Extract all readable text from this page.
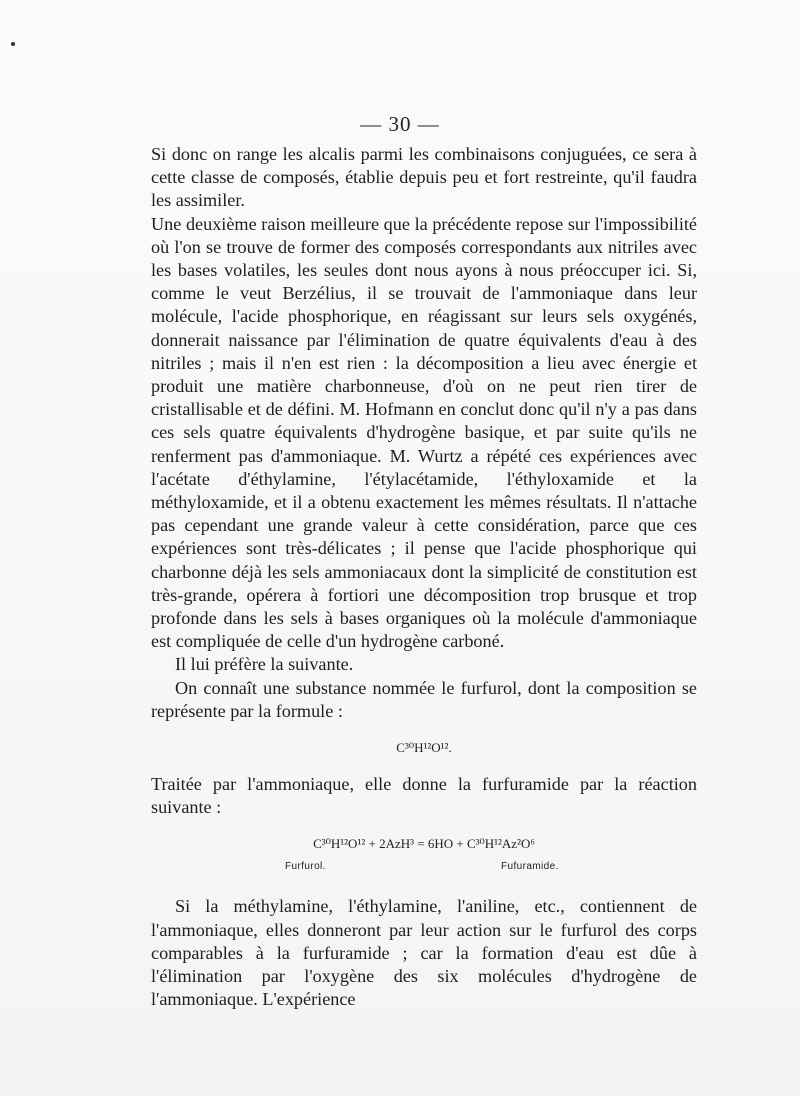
— 30 —

Si donc on range les alcalis parmi les combinaisons conjuguées, ce sera à cette classe de composés, établie depuis peu et fort restreinte, qu'il faudra les assimiler.

Une deuxième raison meilleure que la précédente repose sur l'impossibilité où l'on se trouve de former des composés correspondants aux nitriles avec les bases volatiles, les seules dont nous ayons à nous préoccuper ici. Si, comme le veut Berzélius, il se trouvait de l'ammoniaque dans leur molécule, l'acide phosphorique, en réagissant sur leurs sels oxygénés, donnerait naissance par l'élimination de quatre équivalents d'eau à des nitriles ; mais il n'en est rien : la décomposition a lieu avec énergie et produit une matière charbonneuse, d'où on ne peut rien tirer de cristallisable et de défini. M. Hofmann en conclut donc qu'il n'y a pas dans ces sels quatre équivalents d'hydrogène basique, et par suite qu'ils ne renferment pas d'ammoniaque. M. Wurtz a répété ces expériences avec l'acétate d'éthylamine, l'étylacétamide, l'éthyloxamide et la méthyloxamide, et il a obtenu exactement les mêmes résultats. Il n'attache pas cependant une grande valeur à cette considération, parce que ces expériences sont très-délicates ; il pense que l'acide phosphorique qui charbonne déjà les sels ammoniacaux dont la simplicité de constitution est très-grande, opérera à fortiori une décomposition trop brusque et trop profonde dans les sels à bases organiques où la molécule d'ammoniaque est compliquée de celle d'un hydrogène carboné.

Il lui préfère la suivante.

On connaît une substance nommée le furfurol, dont la composition se représente par la formule :

C³⁰H¹²O¹².

Traitée par l'ammoniaque, elle donne la furfuramide par la réaction suivante :

C³⁰H¹²O¹² + 2AzH³ = 6HO + C³⁰H¹²Az²O⁶
Furfurol.	Fufuramide.

Si la méthylamine, l'éthylamine, l'aniline, etc., contiennent de l'ammoniaque, elles donneront par leur action sur le furfurol des corps comparables à la furfuramide ; car la formation d'eau est dûe à l'élimination par l'oxygène des six molécules d'hydrogène de l'ammoniaque. L'expérience
